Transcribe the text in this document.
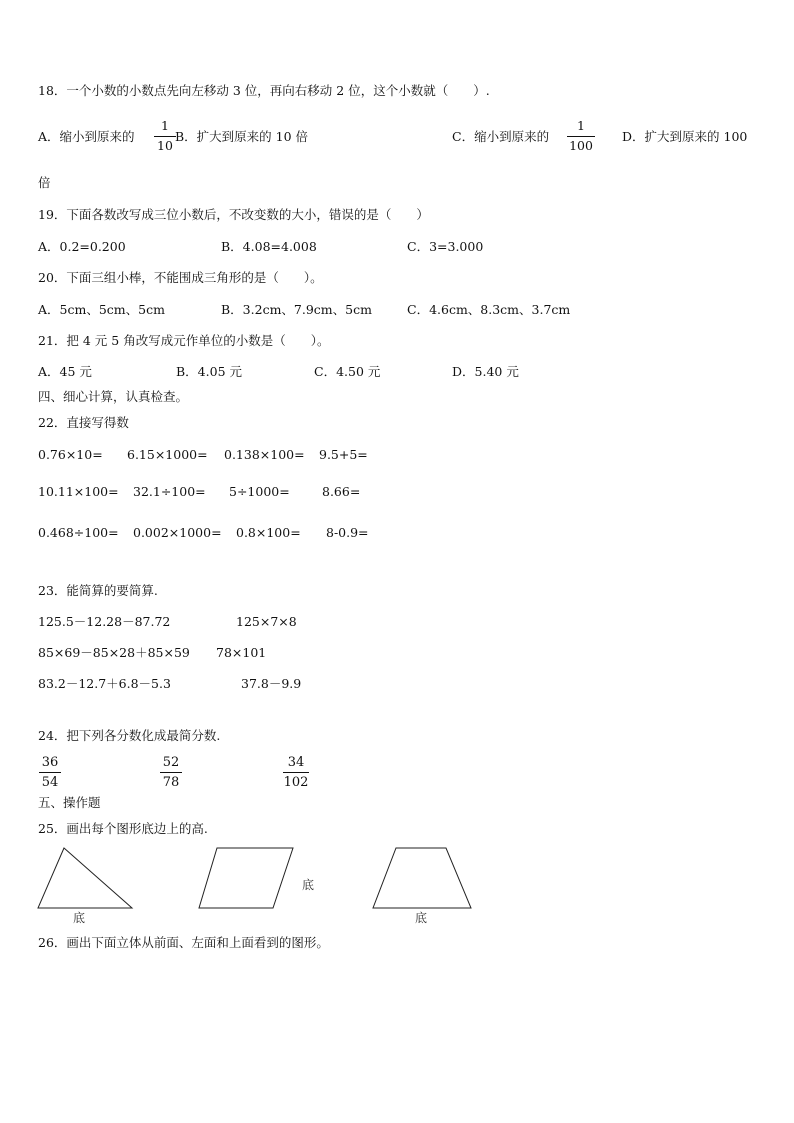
18．一个小数的小数点先向左移动 3 位，再向右移动 2 位，这个小数就（　　）.
A．缩小到原来的
1
10
B．扩大到原来的 10 倍	C．缩小到原来的
1
100
D．扩大到原来的 100
倍
19．下面各数改写成三位小数后，不改变数的大小，错误的是（　　）
A．0.2=0.200	B．4.08=4.008	C．3=3.000
20．下面三组小棒，不能围成三角形的是（　　）。
A．5cm、5cm、5cm	B．3.2cm、7.9cm、5cm	C．4.6cm、8.3cm、3.7cm
21．把 4 元 5 角改写成元作单位的小数是（　　）。
A．45 元	B．4.05 元	C．4.50 元	D．5.40 元
四、细心计算，认真检查。
22．直接写得数
0.76×10= 6.15×1000= 0.138×100= 9.5+5=
10.11×100= 32.1÷100= 5÷1000=	8.66=
0.468÷100= 0.002×1000= 0.8×100= 8-0.9=
23．能简算的要简算.
125.5－12.28－87.72	125×7×8
85×69－85×28＋85×59 78×101
83.2－12.7＋6.8－5.3	37.8－9.9
24．把下列各分数化成最简分数.
36
54
52
78
34
102
五、操作题
25．画出每个图形底边上的高.
底
底
底
26．画出下面立体从前面、左面和上面看到的图形。
